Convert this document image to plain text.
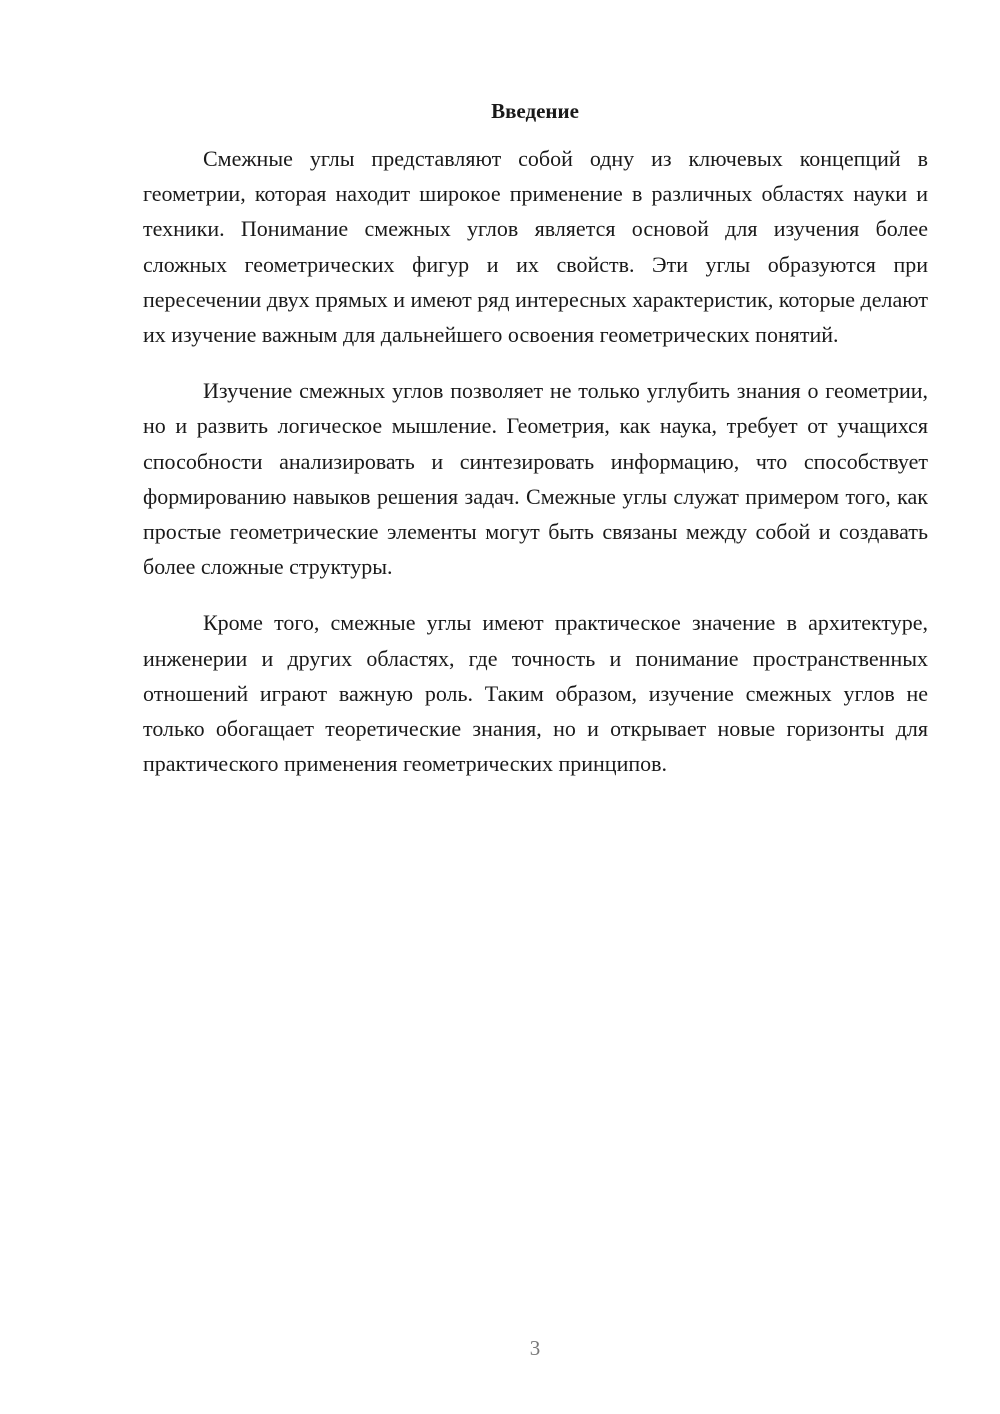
Введение

Смежные углы представляют собой одну из ключевых концепций в геометрии, которая находит широкое применение в различных областях науки и техники. Понимание смежных углов является основой для изучения более сложных геометрических фигур и их свойств. Эти углы образуются при пересечении двух прямых и имеют ряд интересных характеристик, которые делают их изучение важным для дальнейшего освоения геометрических понятий.

Изучение смежных углов позволяет не только углубить знания о геометрии, но и развить логическое мышление. Геометрия, как наука, требует от учащихся способности анализировать и синтезировать информацию, что способствует формированию навыков решения задач. Смежные углы служат примером того, как простые геометрические элементы могут быть связаны между собой и создавать более сложные структуры.

Кроме того, смежные углы имеют практическое значение в архитектуре, инженерии и других областях, где точность и понимание пространственных отношений играют важную роль. Таким образом, изучение смежных углов не только обогащает теоретические знания, но и открывает новые горизонты для практического применения геометрических принципов.

3
